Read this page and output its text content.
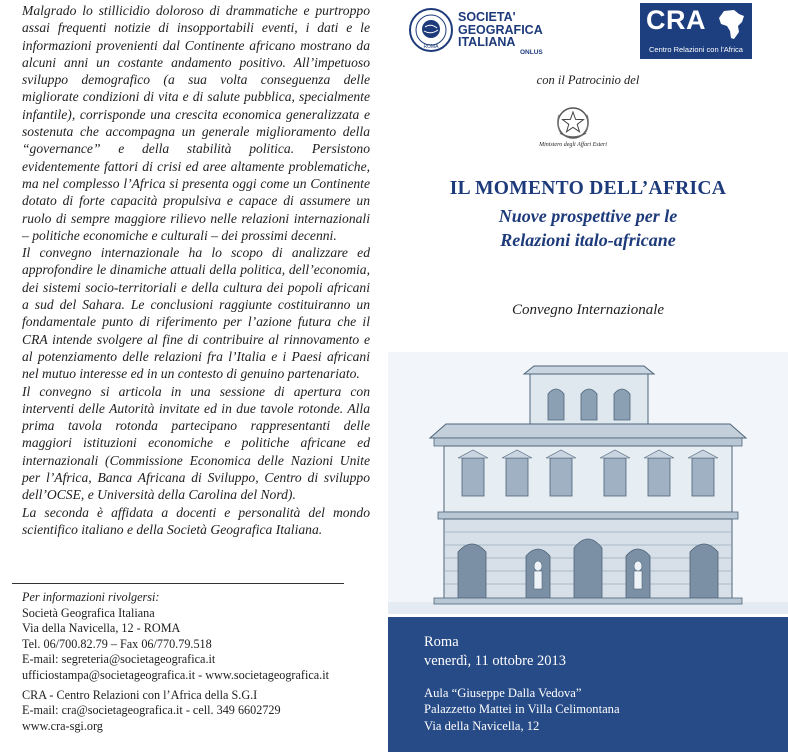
Malgrado lo stillicidio doloroso di drammatiche e purtroppo assai frequenti notizie di insopportabili eventi, i dati e le informazioni provenienti dal Continente africano mostrano da alcuni anni un costante andamento positivo. All’impetuoso sviluppo demografico (a sua volta conseguenza delle migliorate condizioni di vita e di salute pubblica, specialmente infantile), corrisponde una crescita economica generalizzata e sostenuta che accompagna un generale miglioramento della “governance” e della stabilità politica. Persistono evidentemente fattori di crisi ed aree altamente problematiche, ma nel complesso l’Africa si presenta oggi come un Continente dotato di forte capacità propulsiva e capace di assumere un ruolo di sempre maggiore rilievo nelle relazioni internazionali – politiche economiche e culturali – dei prossimi decenni.

Il convegno internazionale ha lo scopo di analizzare ed approfondire le dinamiche attuali della politica, dell’economia, dei sistemi socio-territoriali e della cultura dei popoli africani a sud del Sahara. Le conclusioni raggiunte costituiranno un fondamentale punto di riferimento per l’azione futura che il CRA intende svolgere al fine di contribuire al rinnovamento e al potenziamento delle relazioni fra l’Italia e i Paesi africani nel mutuo interesse ed in un contesto di genuino partenariato.

Il convegno si articola in una sessione di apertura con interventi delle Autorità invitate ed in due tavole rotonde. Alla prima tavola rotonda partecipano rappresentanti delle maggiori istituzioni economiche e politiche africane ed internazionali (Commissione Economica delle Nazioni Unite per l’Africa, Banca Africana di Sviluppo, Centro di sviluppo dell’OCSE, e Università della Carolina del Nord).

La seconda è affidata a docenti e personalità del mondo scientifico italiano e della Società Geografica Italiana.

Per informazioni rivolgersi:
Società Geografica Italiana
Via della Navicella, 12 - ROMA
Tel. 06/700.82.79 – Fax 06/770.79.518
E-mail: segreteria@societageografica.it
ufficiostampa@societageografica.it - www.societageografica.it
CRA - Centro Relazioni con l’Africa della S.G.I
E-mail: cra@societageografica.it - cell. 349 6602729
www.cra-sgi.org
ROMA
SOCIETA'
GEOGRAFICA
ITALIANA
ONLUS
CRA
Centro Relazioni con l'Africa
con il Patrocinio del
Ministero degli Affari Esteri
IL MOMENTO DELL’AFRICA
Nuove prospettive per le
Relazioni italo-africane
Convegno Internazionale
Roma
venerdì, 11 ottobre 2013
Aula “Giuseppe Dalla Vedova”
Palazzetto Mattei in Villa Celimontana
Via della Navicella, 12
